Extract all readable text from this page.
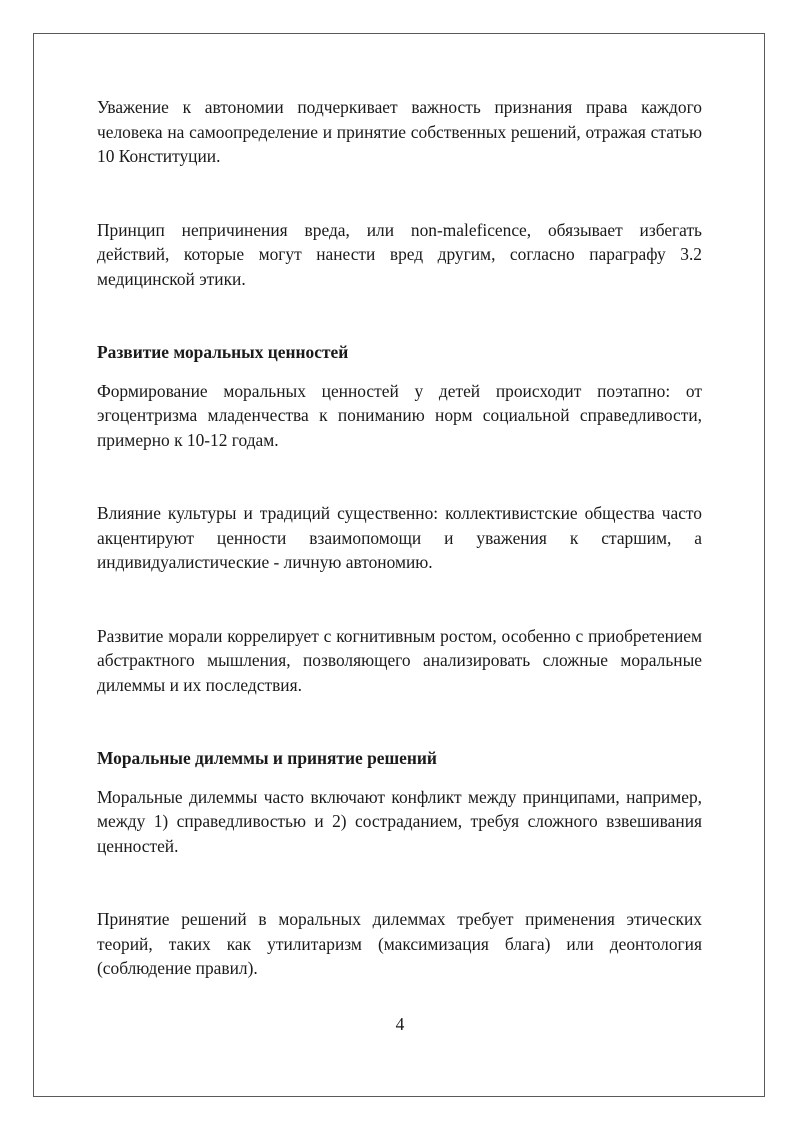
Уважение к автономии подчеркивает важность признания права каждого человека на самоопределение и принятие собственных решений, отражая статью 10 Конституции.

Принцип непричинения вреда, или non-maleficence, обязывает избегать действий, которые могут нанести вред другим, согласно параграфу 3.2 медицинской этики.

Развитие моральных ценностей

Формирование моральных ценностей у детей происходит поэтапно: от эгоцентризма младенчества к пониманию норм социальной справедливости, примерно к 10-12 годам.

Влияние культуры и традиций существенно: коллективистские общества часто акцентируют ценности взаимопомощи и уважения к старшим, а индивидуалистические - личную автономию.

Развитие морали коррелирует с когнитивным ростом, особенно с приобретением абстрактного мышления, позволяющего анализировать сложные моральные дилеммы и их последствия.

Моральные дилеммы и принятие решений

Моральные дилеммы часто включают конфликт между принципами, например, между 1) справедливостью и 2) состраданием, требуя сложного взвешивания ценностей.

Принятие решений в моральных дилеммах требует применения этических теорий, таких как утилитаризм (максимизация блага) или деонтология (соблюдение правил).

4
